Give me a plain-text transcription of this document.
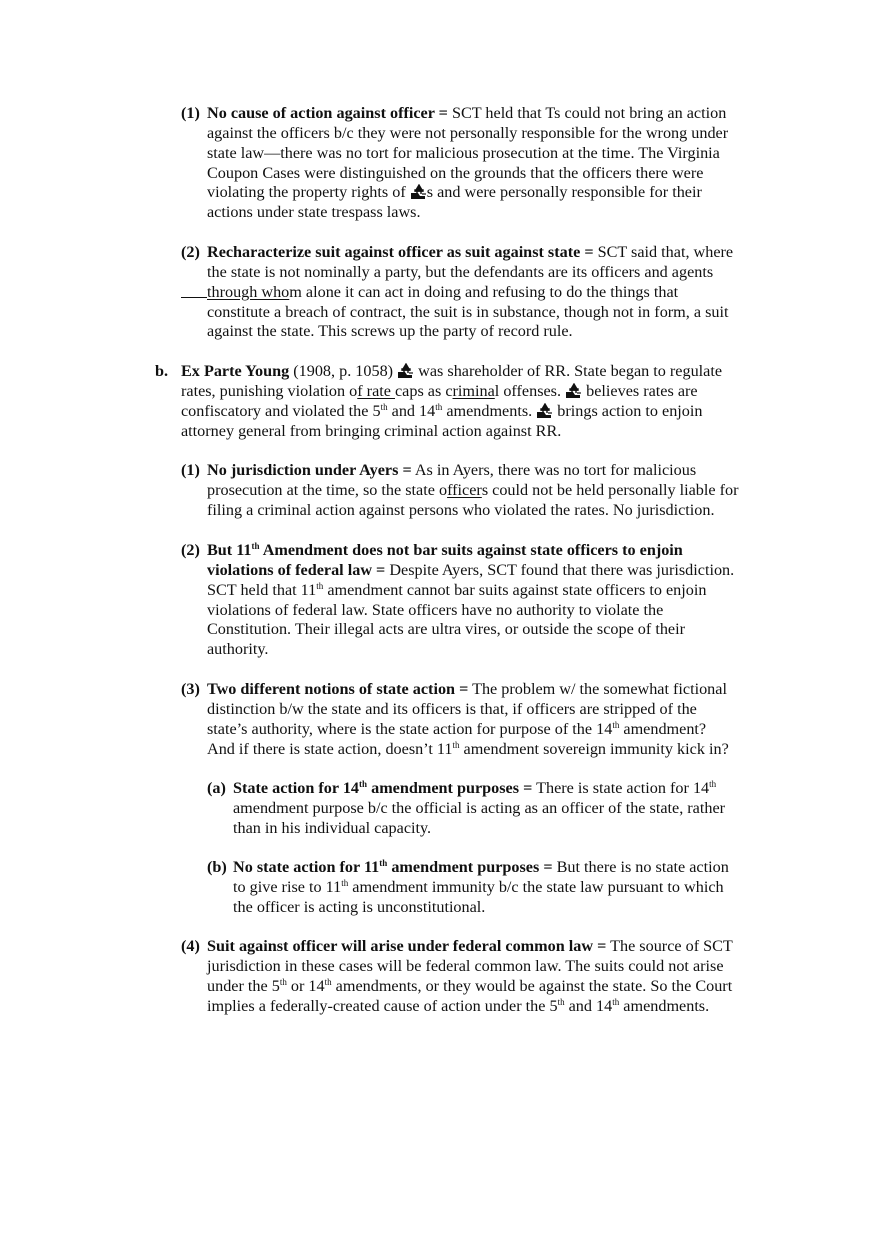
(1) No cause of action against officer = SCT held that Ts could not bring an action
against the officers b/c they were not personally responsible for the wrong under
state law—there was no tort for malicious prosecution at the time. The Virginia
Coupon Cases were distinguished on the grounds that the officers there were
violating the property rights of s and were personally responsible for their
actions under state trespass laws.
(2) Recharacterize suit against officer as suit against state = SCT said that, where
the state is not nominally a party, but the defendants are its officers and agents
through whom alone it can act in doing and refusing to do the things that
constitute a breach of contract, the suit is in substance, though not in form, a suit
against the state. This screws up the party of record rule.
b. Ex Parte Young (1908, p. 1058)  was shareholder of RR. State began to regulate
rates, punishing violation of rate caps as criminal offenses.  believes rates are
confiscatory and violated the 5th and 14th amendments.  brings action to enjoin
attorney general from bringing criminal action against RR.
(1) No jurisdiction under Ayers = As in Ayers, there was no tort for malicious
prosecution at the time, so the state officers could not be held personally liable for
filing a criminal action against persons who violated the rates. No jurisdiction.
(2) But 11th Amendment does not bar suits against state officers to enjoin
violations of federal law = Despite Ayers, SCT found that there was jurisdiction.
SCT held that 11th amendment cannot bar suits against state officers to enjoin
violations of federal law. State officers have no authority to violate the
Constitution. Their illegal acts are ultra vires, or outside the scope of their
authority.
(3) Two different notions of state action = The problem w/ the somewhat fictional
distinction b/w the state and its officers is that, if officers are stripped of the
state’s authority, where is the state action for purpose of the 14th amendment?
And if there is state action, doesn’t 11th amendment sovereign immunity kick in?
(a) State action for 14th amendment purposes = There is state action for 14th
amendment purpose b/c the official is acting as an officer of the state, rather
than in his individual capacity.
(b) No state action for 11th amendment purposes = But there is no state action
to give rise to 11th amendment immunity b/c the state law pursuant to which
the officer is acting is unconstitutional.
(4) Suit against officer will arise under federal common law = The source of SCT
jurisdiction in these cases will be federal common law. The suits could not arise
under the 5th or 14th amendments, or they would be against the state. So the Court
implies a federally-created cause of action under the 5th and 14th amendments.
